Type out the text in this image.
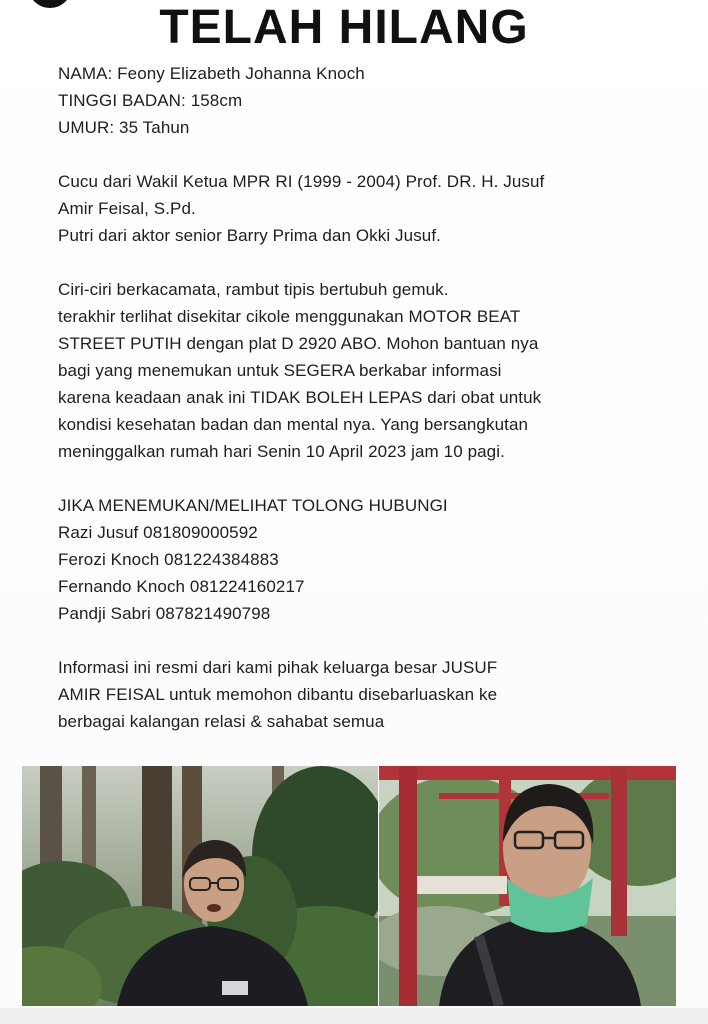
TELAH HILANG
NAMA: Feony Elizabeth Johanna Knoch
TINGGI BADAN: 158cm
UMUR: 35 Tahun
Cucu dari Wakil Ketua MPR RI (1999 - 2004) Prof. DR. H. Jusuf
Amir Feisal, S.Pd.
Putri dari aktor senior Barry Prima dan Okki Jusuf.
Ciri-ciri berkacamata, rambut tipis bertubuh gemuk.
terakhir terlihat disekitar cikole menggunakan MOTOR BEAT
STREET PUTIH dengan plat D 2920 ABO. Mohon bantuan nya
bagi yang menemukan untuk SEGERA berkabar informasi
karena keadaan anak ini TIDAK BOLEH LEPAS dari obat untuk
kondisi kesehatan badan dan mental nya. Yang bersangkutan
meninggalkan rumah hari Senin 10 April 2023 jam 10 pagi.
JIKA MENEMUKAN/MELIHAT TOLONG HUBUNGI
Razi Jusuf 081809000592
Ferozi Knoch 081224384883
Fernando Knoch 081224160217
Pandji Sabri 087821490798
Informasi ini resmi dari kami pihak keluarga besar JUSUF
AMIR FEISAL untuk memohon dibantu disebarluaskan ke
berbagai kalangan relasi & sahabat semua
